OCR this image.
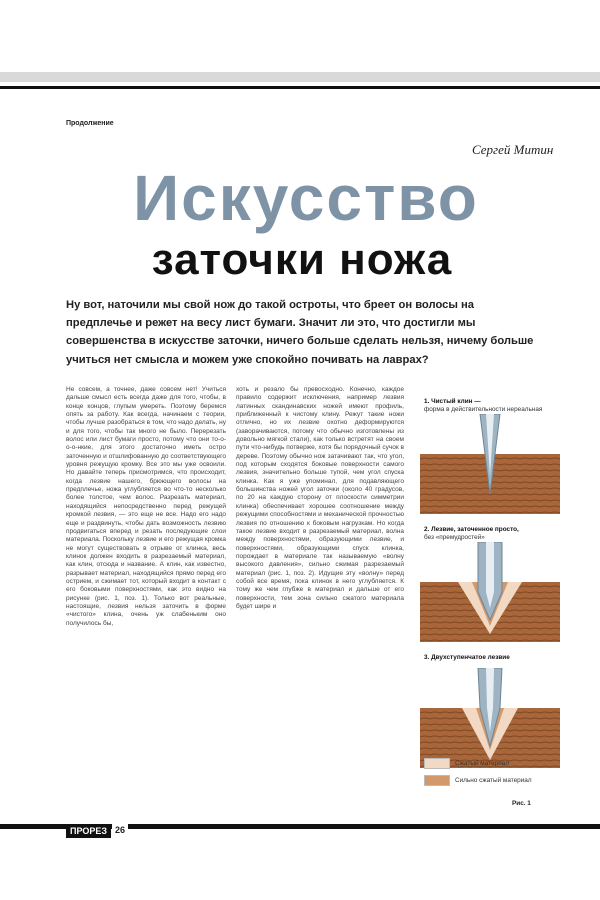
Продолжение
Сергей Митин
Искусство
заточки ножа
Ну вот, наточили мы свой нож до такой остроты, что бреет он волосы на предплечье и режет на весу лист бумаги. Значит ли это, что достигли мы совершенства в искусстве заточки, ничего больше сделать нельзя, ничему больше учиться нет смысла и можем уже спокойно почивать на лаврах?
Не совсем, а точнее, даже совсем нет! Учиться дальше смысл есть всегда даже для того, чтобы, в конце концов, глупым умереть. Поэтому беремся опять за работу. Как всегда, начинаем с теории, чтобы лучше разобраться в том, что надо делать, ну и для того, чтобы так много не было. Перерезать волос или лист бумаги просто, потому что они то-о-о-о-нкие, для этого достаточно иметь остро заточенную и отшлифованную до соответствующего уровня режущую кромку. Все это мы уже освоили. Но давайте теперь присмотримся, что происходит, когда лезвие нашего, брюющего волосы на предплечье, ножа углубляется во что-то несколько более толстое, чем волос. Разрезать материал, находящийся непосредственно перед режущей кромкой лезвия, — это еще не все. Надо его надо еще и раздвинуть, чтобы дать возможность лезвию продвигаться вперед и резать последующие слои материала. Поскольку лезвие и его режущая кромка не могут существовать в отрыве от клинка, весь клинок должен входить в разрезаемый материал, как клин, отсюда и название. А клин, как известно, разрывает материал, находящийся прямо перед его острием, и сжимает тот, который входит в контакт с его боковыми поверхностями, как это видно на рисунке (рис. 1, поз. 1). Только вот реальные, настоящие, лезвия нельзя заточить в форме «чистого» клина, очень уж слабеньким оно получилось бы,
хоть и резало бы превосходно. Конечно, каждое правило содержит исключения, например лезвия латинных скандинавских ножей имеют профиль, приближенный к чистому клину. Режут такие ножи отлично, но их лезвие охотно деформируются (заворачиваются, потому что обычно изготовлены из довольно мягкой стали), как только встретят на своем пути что-нибудь потверже, хотя бы порядочный сучок в дереве. Поэтому обычно нож затачивают так, что угол, под которым сходятся боковые поверхности самого лезвия, значительно больше тупой, чем угол спуска клинка. Как я уже упоминал, для подавляющего большинства ножей угол заточки (около 40 градусов, по 20 на каждую сторону от плоскости симметрии клинка) обеспечивает хорошее соотношение между режущими способностями и механической прочностью лезвия по отношению к боковым нагрузкам. Но когда такое лезвие входит в разрезаемый материал, волна между поверхностями, образующими лезвие, и поверхностями, образующими спуск клинка, порождает в материале так называемую «волну высокого давления», сильно сжимая разрезаемый материал (рис. 1, поз. 2). Идущие эту «волну» перед собой все время, пока клинок в него углубляется. К тому же чем глубже в материал и дальше от его поверхности, тем зона сильно сжатого материала будет шире и
1. Чистый клин —
форма в действительности нереальная
2. Лезвие, заточенное просто,
без «премудростей»
3. Двухступенчатое лезвие
Сжатый материал
Сильно сжатый материал
Рис. 1
ПРОРЕЗ 26
